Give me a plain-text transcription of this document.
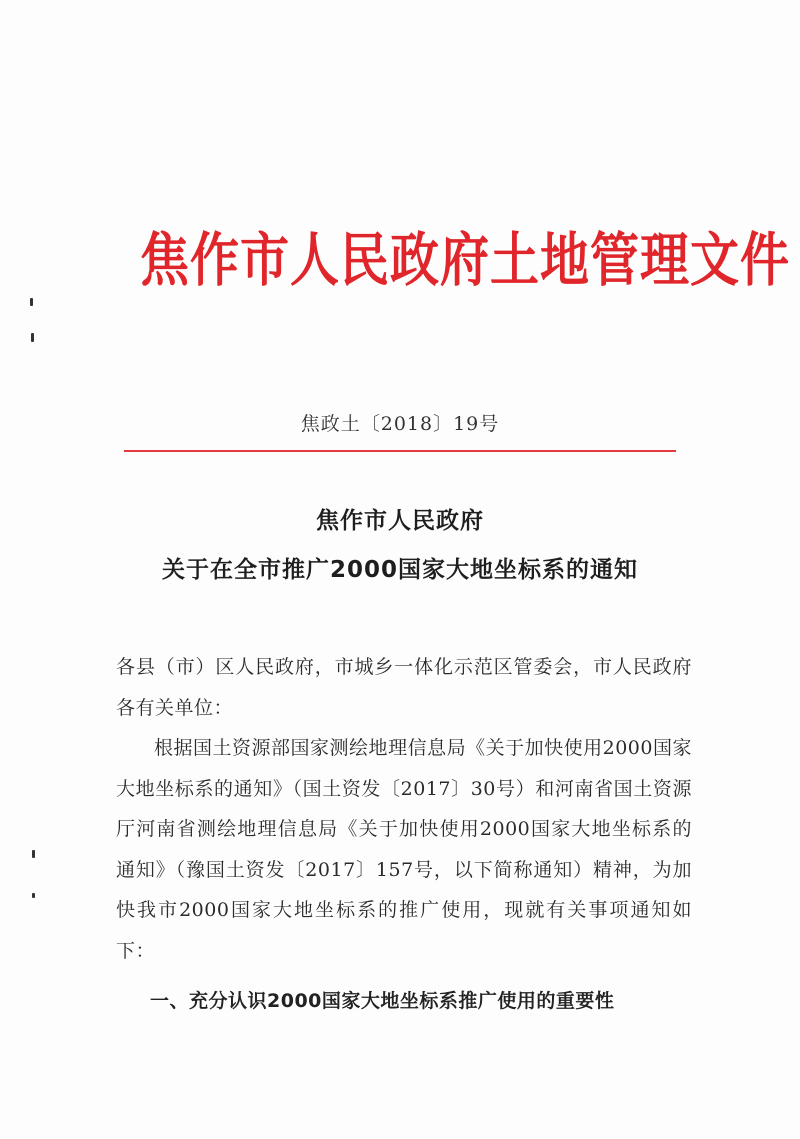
焦作市人民政府土地管理文件
焦政土〔2018〕19号
焦作市人民政府
关于在全市推广2000国家大地坐标系的通知

各县（市）区人民政府，市城乡一体化示范区管委会，市人民政府各有关单位：

根据国土资源部国家测绘地理信息局《关于加快使用2000国家大地坐标系的通知》（国土资发〔2017〕30号）和河南省国土资源厅河南省测绘地理信息局《关于加快使用2000国家大地坐标系的通知》（豫国土资发〔2017〕157号，以下简称通知）精神，为加快我市2000国家大地坐标系的推广使用，现就有关事项通知如下：

一、充分认识2000国家大地坐标系推广使用的重要性
